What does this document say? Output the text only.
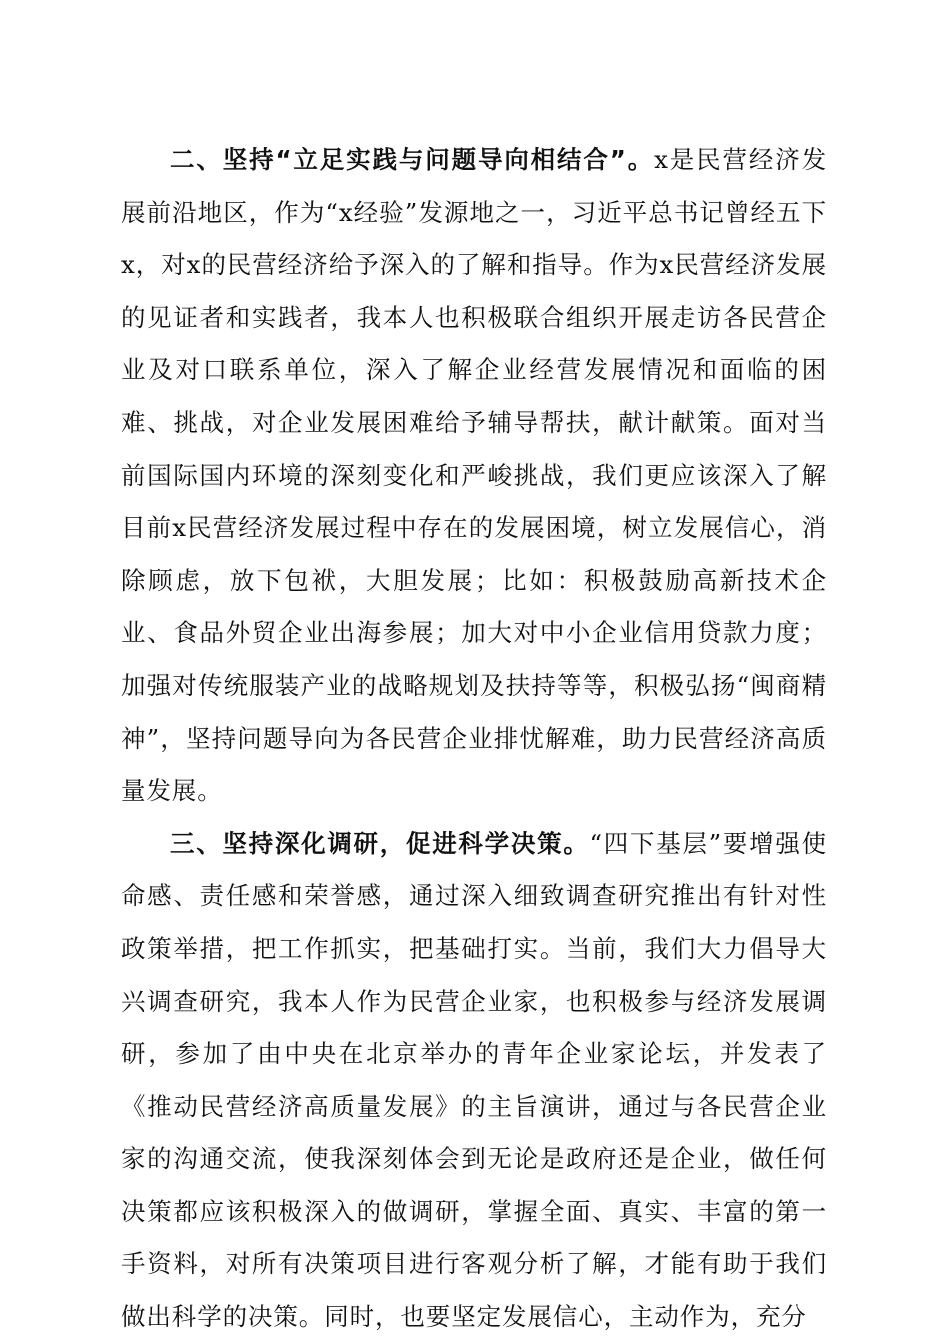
二、坚持“立足实践与问题导向相结合”。x是民营经济发展前沿地区，作为“x经验”发源地之一，习近平总书记曾经五下x，对x的民营经济给予深入的了解和指导。作为x民营经济发展的见证者和实践者，我本人也积极联合组织开展走访各民营企业及对口联系单位，深入了解企业经营发展情况和面临的困难、挑战，对企业发展困难给予辅导帮扶，献计献策。面对当前国际国内环境的深刻变化和严峻挑战，我们更应该深入了解目前x民营经济发展过程中存在的发展困境，树立发展信心，消除顾虑，放下包袱，大胆发展；比如：积极鼓励高新技术企业、食品外贸企业出海参展；加大对中小企业信用贷款力度；加强对传统服装产业的战略规划及扶持等等，积极弘扬“闽商精神”，坚持问题导向为各民营企业排忧解难，助力民营经济高质量发展。

三、坚持深化调研，促进科学决策。“四下基层”要增强使命感、责任感和荣誉感，通过深入细致调查研究推出有针对性政策举措，把工作抓实，把基础打实。当前，我们大力倡导大兴调查研究，我本人作为民营企业家，也积极参与经济发展调研，参加了由中央在北京举办的青年企业家论坛，并发表了《推动民营经济高质量发展》的主旨演讲，通过与各民营企业家的沟通交流，使我深刻体会到无论是政府还是企业，做任何决策都应该积极深入的做调研，掌握全面、真实、丰富的第一手资料，对所有决策项目进行客观分析了解，才能有助于我们做出科学的决策。同时，也要坚定发展信心，主动作为，充分
